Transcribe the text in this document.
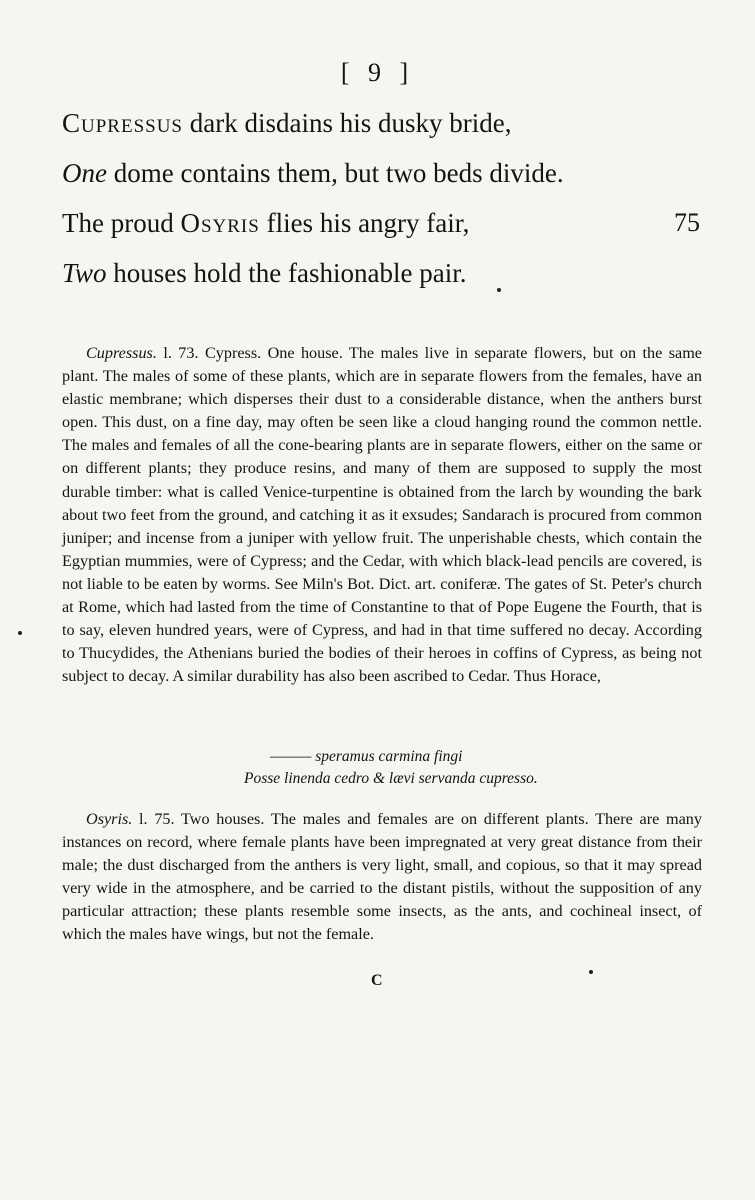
[ 9 ]
Cupressus dark disdains his dusky bride,
One dome contains them, but two beds divide.
The proud Osyris flies his angry fair,	75
Two houses hold the fashionable pair.
Cupressus. l. 73. Cypress. One house. The males live in separate flowers, but on the same plant. The males of some of these plants, which are in separate flowers from the females, have an elastic membrane; which disperses their dust to a considerable distance, when the anthers burst open. This dust, on a fine day, may often be seen like a cloud hanging round the common nettle. The males and females of all the cone-bearing plants are in separate flowers, either on the same or on different plants; they produce resins, and many of them are supposed to supply the most durable timber: what is called Venice-turpentine is obtained from the larch by wounding the bark about two feet from the ground, and catching it as it exsudes; Sandarach is procured from common juniper; and incense from a juniper with yellow fruit. The unperishable chests, which contain the Egyptian mummies, were of Cypress; and the Cedar, with which black-lead pencils are covered, is not liable to be eaten by worms. See Miln's Bot. Dict. art. coniferæ. The gates of St. Peter's church at Rome, which had lasted from the time of Constantine to that of Pope Eugene the Fourth, that is to say, eleven hundred years, were of Cypress, and had in that time suffered no decay. According to Thucydides, the Athenians buried the bodies of their heroes in coffins of Cypress, as being not subject to decay. A similar durability has also been ascribed to Cedar. Thus Horace,
——— speramus carmina fingi
Posse linenda cedro & lævi servanda cupresso.
Osyris. l. 75. Two houses. The males and females are on different plants. There are many instances on record, where female plants have been impregnated at very great distance from their male; the dust discharged from the anthers is very light, small, and copious, so that it may spread very wide in the atmosphere, and be carried to the distant pistils, without the supposition of any particular attraction; these plants resemble some insects, as the ants, and cochineal insect, of which the males have wings, but not the female.
C
